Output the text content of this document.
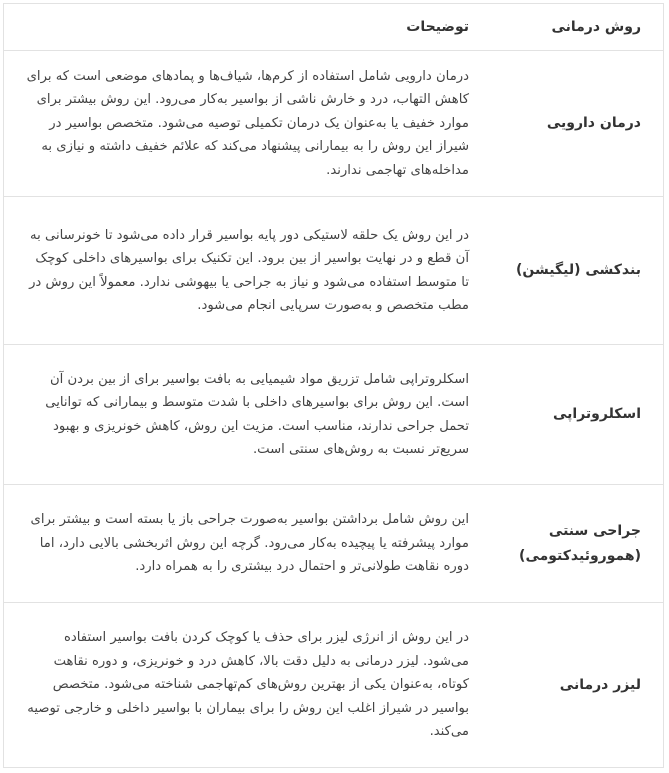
روش درمانی	توضیحات
درمان دارویی	درمان دارویی شامل استفاده از کرم‌ها، شیاف‌ها و پمادهای موضعی است که برای کاهش التهاب، درد و خارش ناشی از بواسیر به‌کار می‌رود. این روش بیشتر برای موارد خفیف یا به‌عنوان یک درمان تکمیلی توصیه می‌شود. متخصص بواسیر در شیراز این روش را به بیمارانی پیشنهاد می‌کند که علائم خفیف داشته و نیازی به مداخله‌های تهاجمی ندارند.
بندکشی (لیگیشن)	در این روش یک حلقه لاستیکی دور پایه بواسیر قرار داده می‌شود تا خونرسانی به آن قطع و در نهایت بواسیر از بین برود. این تکنیک برای بواسیرهای داخلی کوچک تا متوسط استفاده می‌شود و نیاز به جراحی یا بیهوشی ندارد. معمولاً این روش در مطب متخصص و به‌صورت سرپایی انجام می‌شود.
اسکلروتراپی	اسکلروتراپی شامل تزریق مواد شیمیایی به بافت بواسیر برای از بین بردن آن است. این روش برای بواسیرهای داخلی با شدت متوسط و بیمارانی که توانایی تحمل جراحی ندارند، مناسب است. مزیت این روش، کاهش خونریزی و بهبود سریع‌تر نسبت به روش‌های سنتی است.
جراحی سنتی (هموروئیدکتومی)	این روش شامل برداشتن بواسیر به‌صورت جراحی باز یا بسته است و بیشتر برای موارد پیشرفته یا پیچیده به‌کار می‌رود. گرچه این روش اثربخشی بالایی دارد، اما دوره نقاهت طولانی‌تر و احتمال درد بیشتری را به همراه دارد.
لیزر درمانی	در این روش از انرژی لیزر برای حذف یا کوچک کردن بافت بواسیر استفاده می‌شود. لیزر درمانی به دلیل دقت بالا، کاهش درد و خونریزی، و دوره نقاهت کوتاه، به‌عنوان یکی از بهترین روش‌های کم‌تهاجمی شناخته می‌شود. متخصص بواسیر در شیراز اغلب این روش را برای بیماران با بواسیر داخلی و خارجی توصیه می‌کند.
